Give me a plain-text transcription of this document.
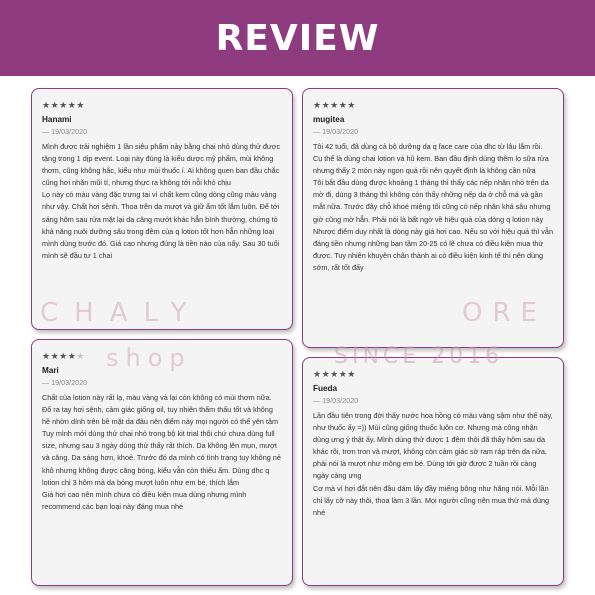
REVIEW
★★★★★
Hanami
— 19/03/2020

Mình được trải nghiệm 1 lần siêu phẩm này bằng chai nhỏ dùng thử được tặng trong 1 dịp event. Loại này đúng là kiểu dược mỹ phẩm, mùi không thơm, cũng không hắc, kiểu như mùi thuốc í. Ai không quen ban đầu chắc cũng hơi nhăn mũi tí, nhưng thực ra không tới nỗi khó chịu

Lọ này có màu vàng đặc trưng tai vì chất kem cũng dòng cũng màu vàng như vậy. Chất hơi sệnh. Thoa trên da mượt và giữ ẩm tốt lắm luôn. Để tới sáng hôm sau rửa mặt lại da căng mướt khác hẳn bình thường, chứng tỏ khả năng nuôi dưỡng sâu trong đêm của q lotion tốt hơn hẳn những loại mình dùng trước đó. Giá cao nhưng đúng là tiền nào của nấy. Sau 30 tuổi mình sẽ đầu tư 1 chai

★★★★★
mugitea
— 19/03/2020

Tôi 42 tuổi, đã dùng cả bộ dưỡng da q face care của dhc từ lâu lắm rồi. Cụ thể là dùng chai lotion và hũ kem. Ban đầu định dùng thêm lọ sữa rửa nhưng thấy 2 món này ngon quá rồi nên quyết định là không cần nữa

Tôi bắt đầu dùng được khoảng 1 tháng thì thấy các nếp nhăn nhỏ trên da mờ đi, dùng 3 tháng thì không còn thấy những nếp da ở chỗ má và gần mắt nữa. Trước đây chỗ khoé miệng tôi cũng có nếp nhăn khá sâu nhưng giờ cũng mờ hẳn. Phải nói là bất ngờ về hiệu quả của dòng q lotion này

Nhược điểm duy nhất là dòng này giá hơi cao. Nếu so với hiệu quả thì vẫn đáng tiền nhưng những bạn tầm 20-25 có lẽ chưa có điều kiện mua thử được. Tuy nhiên khuyên chân thành ai có điều kiện kinh tế thì nên dùng sớm, rất tốt đấy

★★★★★
Mari
— 19/03/2020

Chất của lotion này rất lạ, màu vàng và lại còn không có mùi thơm nữa. Đổ ra tay hơi sệnh, cảm giác giống oil, tuy nhiên thẩm thấu tốt và không hề nhờn dính trên bề mặt da đâu nên điểm này mọi người có thể yên tâm

Tuy mình mới dùng thử chai nhỏ trong bộ kit trial thôi chứ chưa dùng full size, nhưng sau 3 ngày dùng thử thấy rất thích. Da không lên mụn, mượt và căng. Da sáng hơn, khoẻ. Trước đó da mình có tình trạng tuy không nẻ khô nhưng không được căng bóng, kiểu vẫn còn thiếu ẩm. Dùng dhc q lotion chỉ 3 hôm mà da bóng mượt luôn như em bé, thích lắm

Giá hơi cao nên mình chưa có điều kiện mua dùng nhưng mình recommend các bạn loại này đáng mua nhé

★★★★★
Fueda
— 19/03/2020

Lần đầu tiên trong đời thấy nước hoa hồng có màu vàng sậm như thế này, như thuốc ấy =)) Mùi cũng giống thuốc luôn cơ. Nhưng mà công nhận dùng ưng ý thật ấy. Mình dùng thử được 1 đêm thôi đã thấy hôm sau da khác rõi, trơn tron và mượt, không còn cảm giác sờ ram ráp trên da nữa, phải nói là mượt như mông em bé. Dùng tới giờ được 2 tuần rồi càng ngày càng ưng

Cơ mà vì hơi đắt nên đầu dám lấy đầy miếng bông như hãng nói. Mỗi lần chỉ lấy cỡ này thôi, thoa làm 3 lần. Mọi người cũng nên mua thử mà dùng nhé

CHALY	ORE
shop	SINCE 2016
